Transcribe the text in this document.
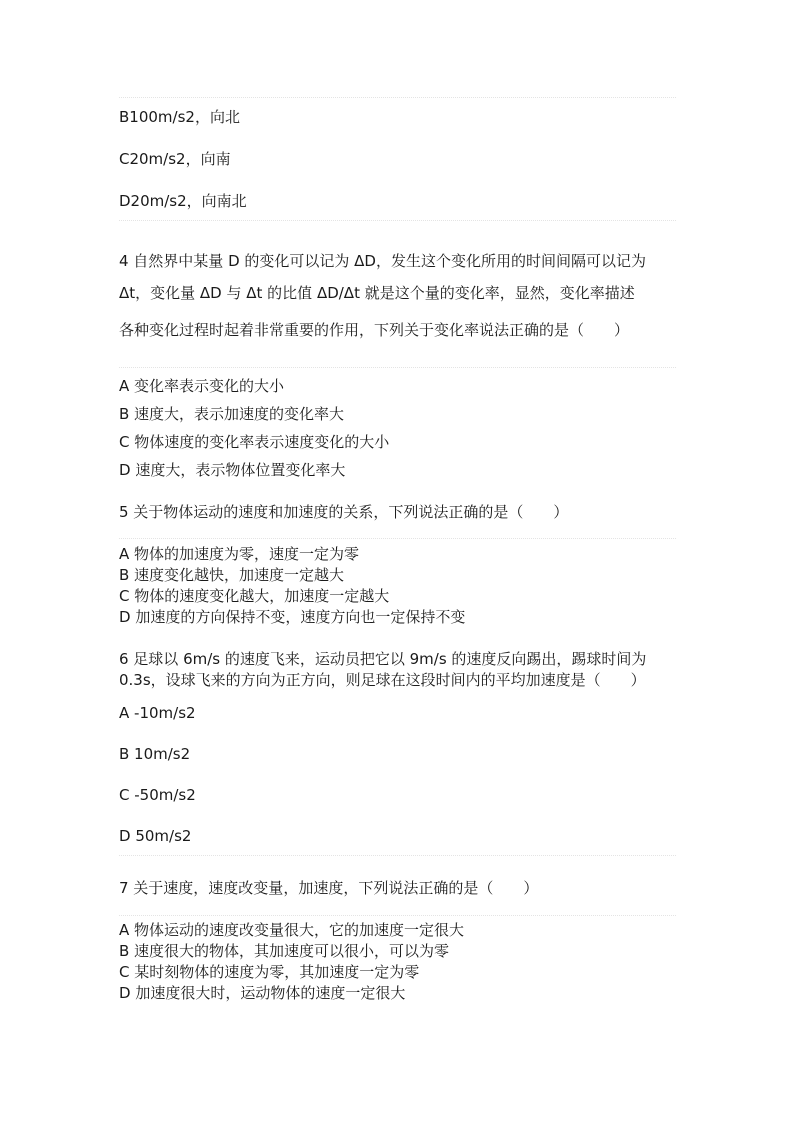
B100m/s2，向北
C20m/s2，向南
D20m/s2，向南北
4 自然界中某量 D 的变化可以记为 ΔD，发生这个变化所用的时间间隔可以记为
Δt，变化量 ΔD 与 Δt 的比值 ΔD/Δt 就是这个量的变化率，显然，变化率描述
各种变化过程时起着非常重要的作用，下列关于变化率说法正确的是（　　）
A 变化率表示变化的大小
B 速度大，表示加速度的变化率大
C 物体速度的变化率表示速度变化的大小
D 速度大，表示物体位置变化率大
5 关于物体运动的速度和加速度的关系，下列说法正确的是（　　）
A 物体的加速度为零，速度一定为零
B 速度变化越快，加速度一定越大
C 物体的速度变化越大，加速度一定越大
D 加速度的方向保持不变，速度方向也一定保持不变
6 足球以 6m/s 的速度飞来，运动员把它以 9m/s 的速度反向踢出，踢球时间为
0.3s，设球飞来的方向为正方向，则足球在这段时间内的平均加速度是（　　）
A -10m/s2
B 10m/s2
C -50m/s2
D 50m/s2
7 关于速度，速度改变量，加速度，下列说法正确的是（　　）
A 物体运动的速度改变量很大，它的加速度一定很大
B 速度很大的物体，其加速度可以很小，可以为零
C 某时刻物体的速度为零，其加速度一定为零
D 加速度很大时，运动物体的速度一定很大
